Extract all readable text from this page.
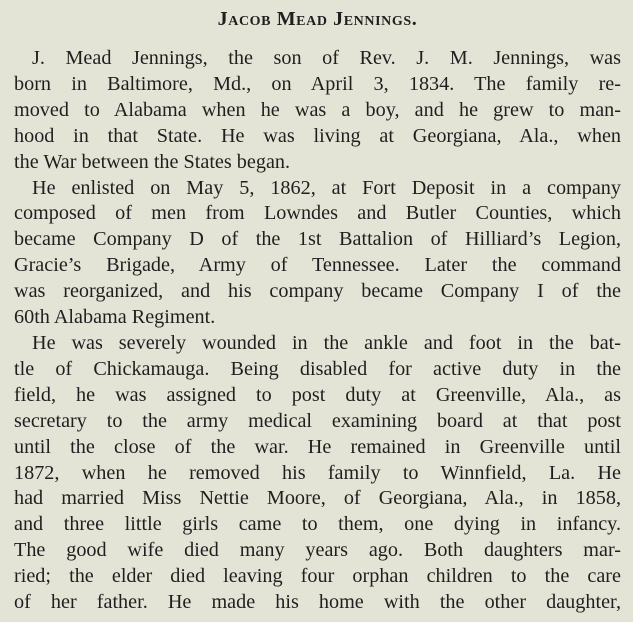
Jacob Mead Jennings.
J. Mead Jennings, the son of Rev. J. M. Jennings, was
born in Baltimore, Md., on April 3, 1834. The family re-
moved to Alabama when he was a boy, and he grew to man-
hood in that State. He was living at Georgiana, Ala., when
the War between the States began.
He enlisted on May 5, 1862, at Fort Deposit in a company
composed of men from Lowndes and Butler Counties, which
became Company D of the 1st Battalion of Hilliard’s Legion,
Gracie’s Brigade, Army of Tennessee. Later the command
was reorganized, and his company became Company I of the
60th Alabama Regiment.
He was severely wounded in the ankle and foot in the bat-
tle of Chickamauga. Being disabled for active duty in the
field, he was assigned to post duty at Greenville, Ala., as
secretary to the army medical examining board at that post
until the close of the war. He remained in Greenville until
1872, when he removed his family to Winnfield, La. He
had married Miss Nettie Moore, of Georgiana, Ala., in 1858,
and three little girls came to them, one dying in infancy.
The good wife died many years ago. Both daughters mar-
ried; the elder died leaving four orphan children to the care
of her father. He made his home with the other daughter,
